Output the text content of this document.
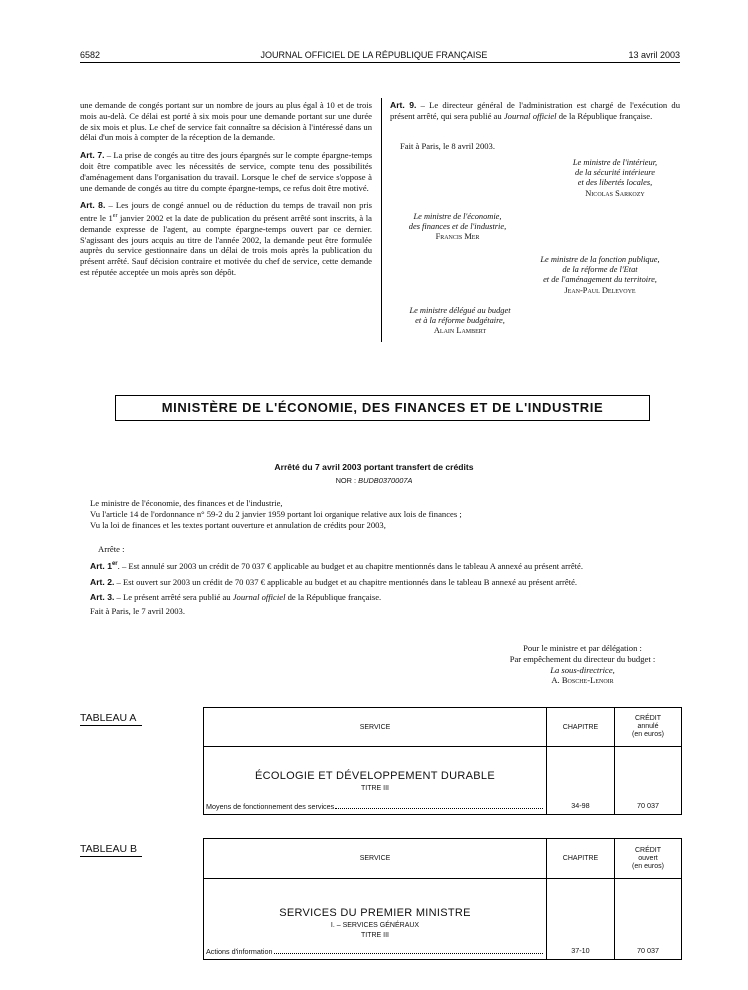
6582	JOURNAL OFFICIEL DE LA RÉPUBLIQUE FRANÇAISE	13 avril 2003

une demande de congés portant sur un nombre de jours au plus égal à 10 et de trois mois au-delà. Ce délai est porté à six mois pour une demande portant sur une durée de six mois et plus. Le chef de service fait connaître sa décision à l'intéressé dans un délai d'un mois à compter de la réception de la demande.

Art. 7. – La prise de congés au titre des jours épargnés sur le compte épargne-temps doit être compatible avec les nécessités de service, compte tenu des possibilités d'aménagement dans l'organisation du travail. Lorsque le chef de service s'oppose à une demande de congés au titre du compte épargne-temps, ce refus doit être motivé.

Art. 8. – Les jours de congé annuel ou de réduction du temps de travail non pris entre le 1er janvier 2002 et la date de publication du présent arrêté sont inscrits, à la demande expresse de l'agent, au compte épargne-temps ouvert par ce dernier. S'agissant des jours acquis au titre de l'année 2002, la demande peut être formulée auprès du service gestionnaire dans un délai de trois mois après la publication du présent arrêté. Sauf décision contraire et motivée du chef de service, cette demande est réputée acceptée un mois après son dépôt.

Art. 9. – Le directeur général de l'administration est chargé de l'exécution du présent arrêté, qui sera publié au Journal officiel de la République française.

Fait à Paris, le 8 avril 2003.
Le ministre de l'intérieur,
de la sécurité intérieure
et des libertés locales,
Nicolas Sarkozy
Le ministre de l'économie,
des finances et de l'industrie,
Francis Mer
Le ministre de la fonction publique,
de la réforme de l'Etat
et de l'aménagement du territoire,
Jean-Paul Delevoye
Le ministre délégué au budget
et à la réforme budgétaire,
Alain Lambert
MINISTÈRE DE L'ÉCONOMIE, DES FINANCES ET DE L'INDUSTRIE
Arrêté du 7 avril 2003 portant transfert de crédits
NOR : BUDB0370007A

Le ministre de l'économie, des finances et de l'industrie,

Vu l'article 14 de l'ordonnance n° 59-2 du 2 janvier 1959 portant loi organique relative aux lois de finances ;

Vu la loi de finances et les textes portant ouverture et annulation de crédits pour 2003,

Arrête :

Art. 1er. – Est annulé sur 2003 un crédit de 70 037 € applicable au budget et au chapitre mentionnés dans le tableau A annexé au présent arrêté.

Art. 2. – Est ouvert sur 2003 un crédit de 70 037 € applicable au budget et au chapitre mentionnés dans le tableau B annexé au présent arrêté.

Art. 3. – Le présent arrêté sera publié au Journal officiel de la République française.

Fait à Paris, le 7 avril 2003.

Pour le ministre et par délégation :

Par empêchement du directeur du budget :

La sous-directrice,

A. Bosche-Lenoir

TABLEAU A
SERVICE	CHAPITRE	CRÉDIT
annulé
(en euros)

ÉCOLOGIE ET DÉVELOPPEMENT DURABLE
TITRE III
Moyens de fonctionnement des services	34-98	70 037
TABLEAU B
SERVICE	CHAPITRE	CRÉDIT
ouvert
(en euros)

SERVICES DU PREMIER MINISTRE
I. – SERVICES GÉNÉRAUX
TITRE III
Actions d'information	37-10	70 037
